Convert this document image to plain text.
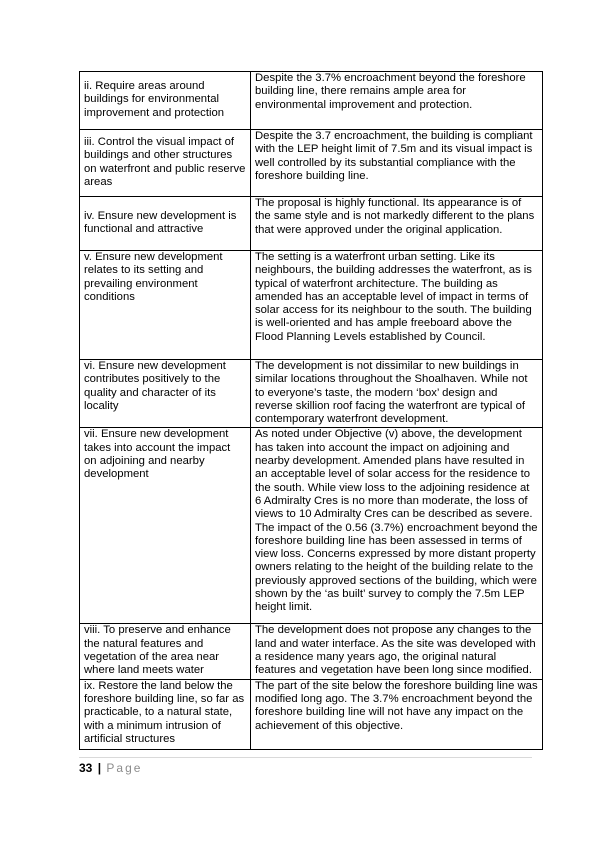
ii. Require areas around buildings for environmental improvement and protection	Despite the 3.7% encroachment beyond the foreshore building line, there remains ample area for environmental improvement and protection.
iii. Control the visual impact of buildings and other structures on waterfront and public reserve areas	Despite the 3.7 encroachment, the building is compliant with the LEP height limit of 7.5m and its visual impact is well controlled by its substantial compliance with the foreshore building line.
iv. Ensure new development is functional and attractive	The proposal is highly functional. Its appearance is of the same style and is not markedly different to the plans that were approved under the original application.
v. Ensure new development relates to its setting and prevailing environment conditions	The setting is a waterfront urban setting. Like its neighbours, the building addresses the waterfront, as is typical of waterfront architecture. The building as amended has an acceptable level of impact in terms of solar access for its neighbour to the south. The building is well-oriented and has ample freeboard above the Flood Planning Levels established by Council.
vi. Ensure new development contributes positively to the quality and character of its locality	The development is not dissimilar to new buildings in similar locations throughout the Shoalhaven. While not to everyone’s taste, the modern ‘box’ design and reverse skillion roof facing the waterfront are typical of contemporary waterfront development.
vii. Ensure new development takes into account the impact on adjoining and nearby development	As noted under Objective (v) above, the development has taken into account the impact on adjoining and nearby development. Amended plans have resulted in an acceptable level of solar access for the residence to the south. While view loss to the adjoining residence at 6 Admiralty Cres is no more than moderate, the loss of views to 10 Admiralty Cres can be described as severe. The impact of the 0.56 (3.7%) encroachment beyond the foreshore building line has been assessed in terms of view loss. Concerns expressed by more distant property owners relating to the height of the building relate to the previously approved sections of the building, which were shown by the ‘as built’ survey to comply the 7.5m LEP height limit.
viii. To preserve and enhance the natural features and vegetation of the area near where land meets water	The development does not propose any changes to the land and water interface. As the site was developed with a residence many years ago, the original natural features and vegetation have been long since modified.
ix. Restore the land below the foreshore building line, so far as practicable, to a natural state, with a minimum intrusion of artificial structures	The part of the site below the foreshore building line was modified long ago. The 3.7% encroachment beyond the foreshore building line will not have any impact on the achievement of this objective.
33 | Page
